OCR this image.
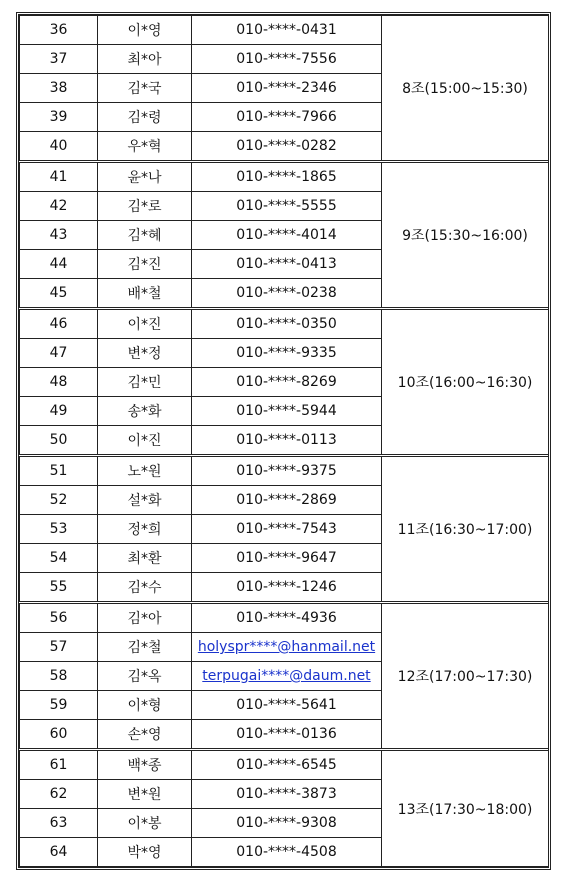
36	이*영	010-****-0431	8조(15:00~15:30)
37	최*아	010-****-7556	
38	김*국	010-****-2346	
39	김*령	010-****-7966	
40	우*혁	010-****-0282	
41	윤*나	010-****-1865	9조(15:30~16:00)
42	김*로	010-****-5555	
43	김*혜	010-****-4014	
44	김*진	010-****-0413	
45	배*철	010-****-0238	
46	이*진	010-****-0350	10조(16:00~16:30)
47	변*정	010-****-9335	
48	김*민	010-****-8269	
49	송*화	010-****-5944	
50	이*진	010-****-0113	
51	노*원	010-****-9375	11조(16:30~17:00)
52	설*화	010-****-2869	
53	정*희	010-****-7543	
54	최*환	010-****-9647	
55	김*수	010-****-1246	
56	김*아	010-****-4936	12조(17:00~17:30)
57	김*철	holyspr****@hanmail.net	
58	김*옥	terpugai****@daum.net	
59	이*형	010-****-5641	
60	손*영	010-****-0136	
61	백*종	010-****-6545	13조(17:30~18:00)
62	변*원	010-****-3873	
63	이*봉	010-****-9308	
64	박*영	010-****-4508	
